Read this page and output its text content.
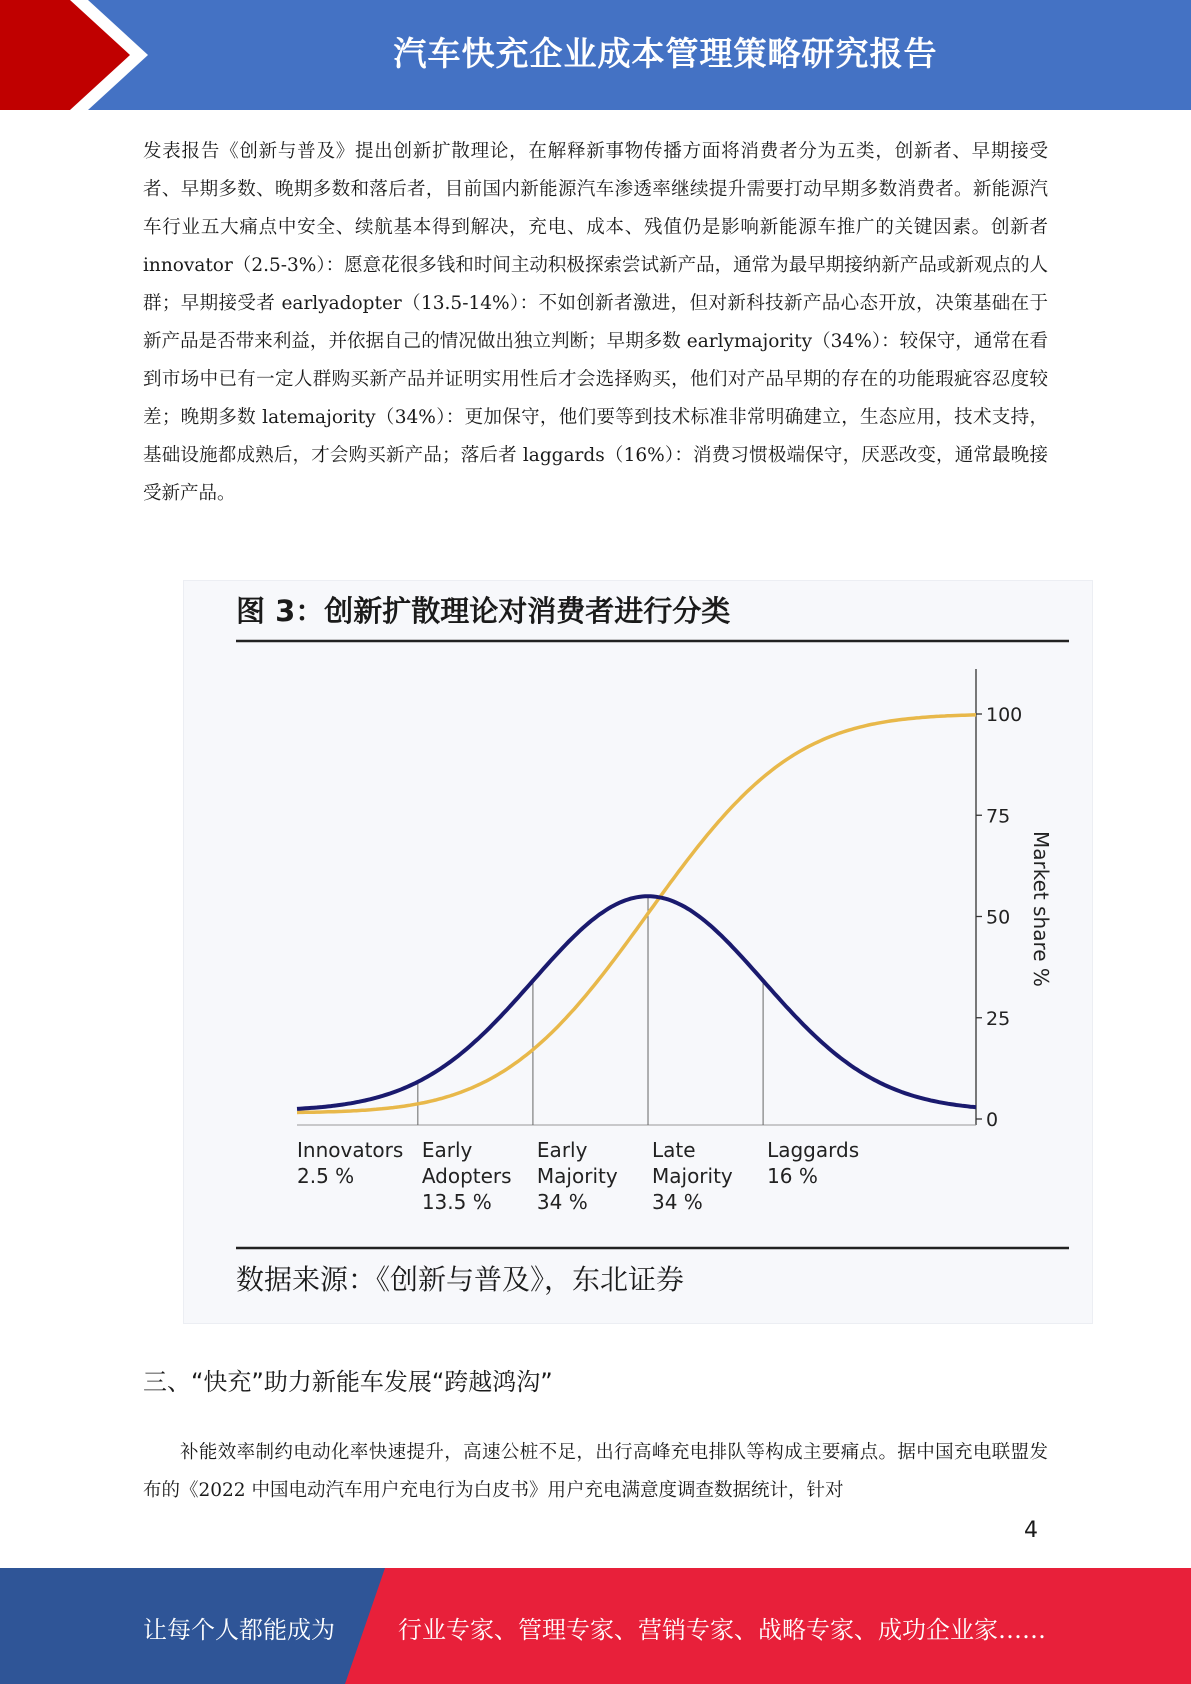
汽车快充企业成本管理策略研究报告

发表报告《创新与普及》提出创新扩散理论，在解释新事物传播方面将消费者分为五类，创新者、早期接受者、早期多数、晚期多数和落后者，目前国内新能源汽车渗透率继续提升需要打动早期多数消费者。新能源汽车行业五大痛点中安全、续航基本得到解决，充电、成本、残值仍是影响新能源车推广的关键因素。创新者 innovator（2.5-3%）：愿意花很多钱和时间主动积极探索尝试新产品，通常为最早期接纳新产品或新观点的人群；早期接受者 earlyadopter（13.5-14%）：不如创新者激进，但对新科技新产品心态开放，决策基础在于新产品是否带来利益，并依据自己的情况做出独立判断；早期多数 earlymajority（34%）：较保守，通常在看到市场中已有一定人群购买新产品并证明实用性后才会选择购买，他们对产品早期的存在的功能瑕疵容忍度较差；晚期多数 latemajority（34%）：更加保守，他们要等到技术标准非常明确建立，生态应用，技术支持，基础设施都成熟后，才会购买新产品；落后者 laggards（16%）：消费习惯极端保守，厌恶改变，通常最晚接受新产品。

图 3：创新扩散理论对消费者进行分类
数据来源：《创新与普及》，东北证券
Market share %
0
25
50
75
100
Innovators 2.5 %
Early Adopters 13.5 %
Early Majority 34 %
Late Majority 34 %
Laggards 16 %
三、“快充”助力新能车发展“跨越鸿沟”

补能效率制约电动化率快速提升，高速公桩不足，出行高峰充电排队等构成主要痛点。据中国充电联盟发布的《2022 中国电动汽车用户充电行为白皮书》用户充电满意度调查数据统计，针对

4
让每个人都能成为	行业专家、管理专家、营销专家、战略专家、成功企业家……
